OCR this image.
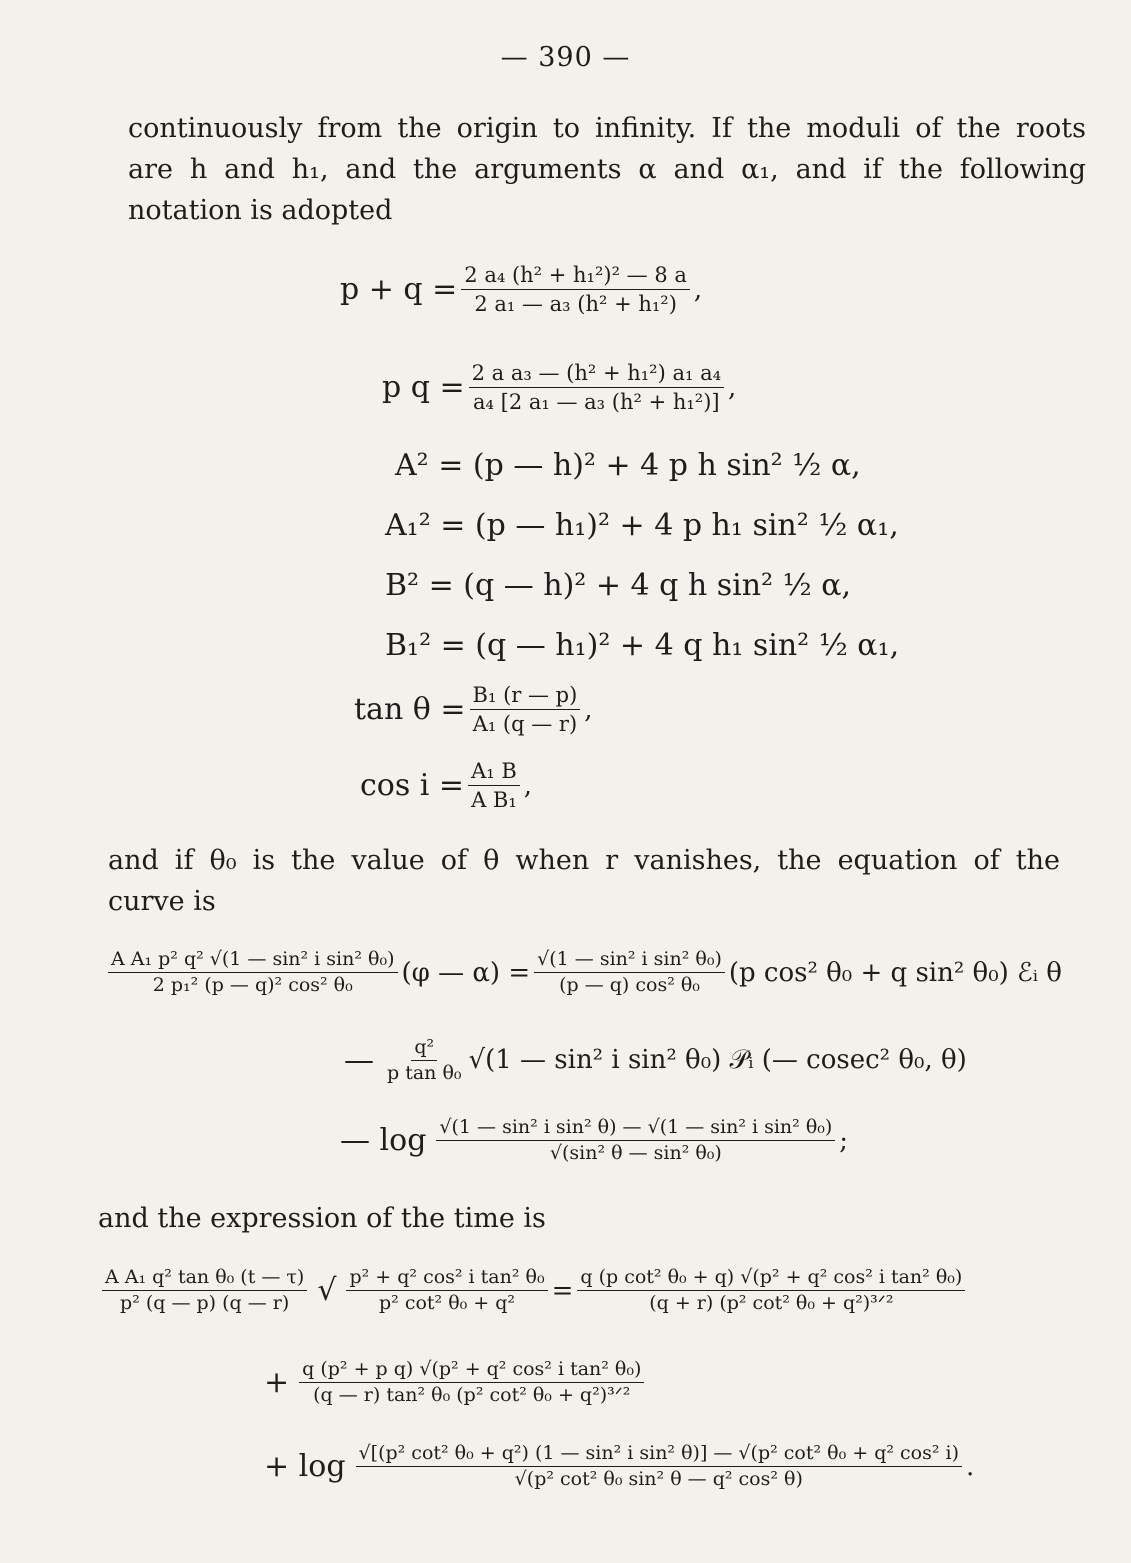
— 390 —
continuously from the origin to infinity. If the moduli of the roots
are h and h₁, and the arguments α and α₁, and if the following
notation is adopted
$p + q = \frac{\text{2 a₄ (h² + h₁²)² — 8 a}}{\text{2 a₁ — a₃ (h² + h₁²)}}$ ,
p $q = \frac{\text{2 a a₃ — (h² + h₁²) a₁ a₄}}{\text{a₄ [2 a₁ — a₃ (h² + h₁²)]}}$ ,
A² = (p — h)² + 4 p h sin² ½ α,
A₁² = (p — h₁)² + 4 p h₁ sin² ½ α₁,
B² = (q — h)² + 4 q h sin² ½ α,
B₁² = (q — h₁)² + 4 q h₁ sin² ½ α₁,
$\tan \theta = \frac{\text{B₁ (r — p)}}{\text{A₁ (q — r)}}$ ,
$\cos i = \frac{\text{A₁ B}}{\text{A B₁}}$ ,
and if θ₀ is the value of θ when r vanishes, the equation of the
curve is
$\frac{\text{A A₁ p² q² √(1 — sin² i sin² θ₀)}}{\text{2 p₁² (p — q)² cos² θ₀}} (\varphi$ — $\alpha) = \frac{\text{√(1 — sin² i sin² θ₀)}}{\text{(p — q) cos² θ₀}} (p$ cos² θ₀ + q sin² θ₀) ℰᵢ θ
— $\frac{\text{q²}}{\text{p tan θ₀}} √(1$ — sin² i sin² θ₀) 𝒫ᵢ (— cosec² θ₀, θ)
— $\log \frac{\text{√(1 — sin² i sin² θ) — √(1 — sin² i sin² θ₀)}}{\text{√(sin² θ — sin² θ₀)}}$ ;
and the expression of the time is
$\frac{\text{A A₁ q² tan θ₀ (t — τ)}}{\text{p² (q — p) (q — r)}}$ √ $\frac{\text{p² + q² cos² i tan² θ₀}}{\text{p² cot² θ₀ + q²}} = \frac{\text{q (p cot² θ₀ + q) √(p² + q² cos² i tan² θ₀)}}{\text{(q + r) (p² cot² θ₀ + q²)³ᐟ²}}$
+ $\frac{\text{q (p² + p q) √(p² + q² cos² i tan² θ₀)}}{\text{(q — r) tan² θ₀ (p² cot² θ₀ + q²)³ᐟ²}}$
+ log √[(p² cot² θ₀ + q²) (1 — sin² i sin² θ)] — √(p² cot² θ₀ + q² cos² i)
√(p² cot² θ₀ sin² θ — q² cos² θ)	.
